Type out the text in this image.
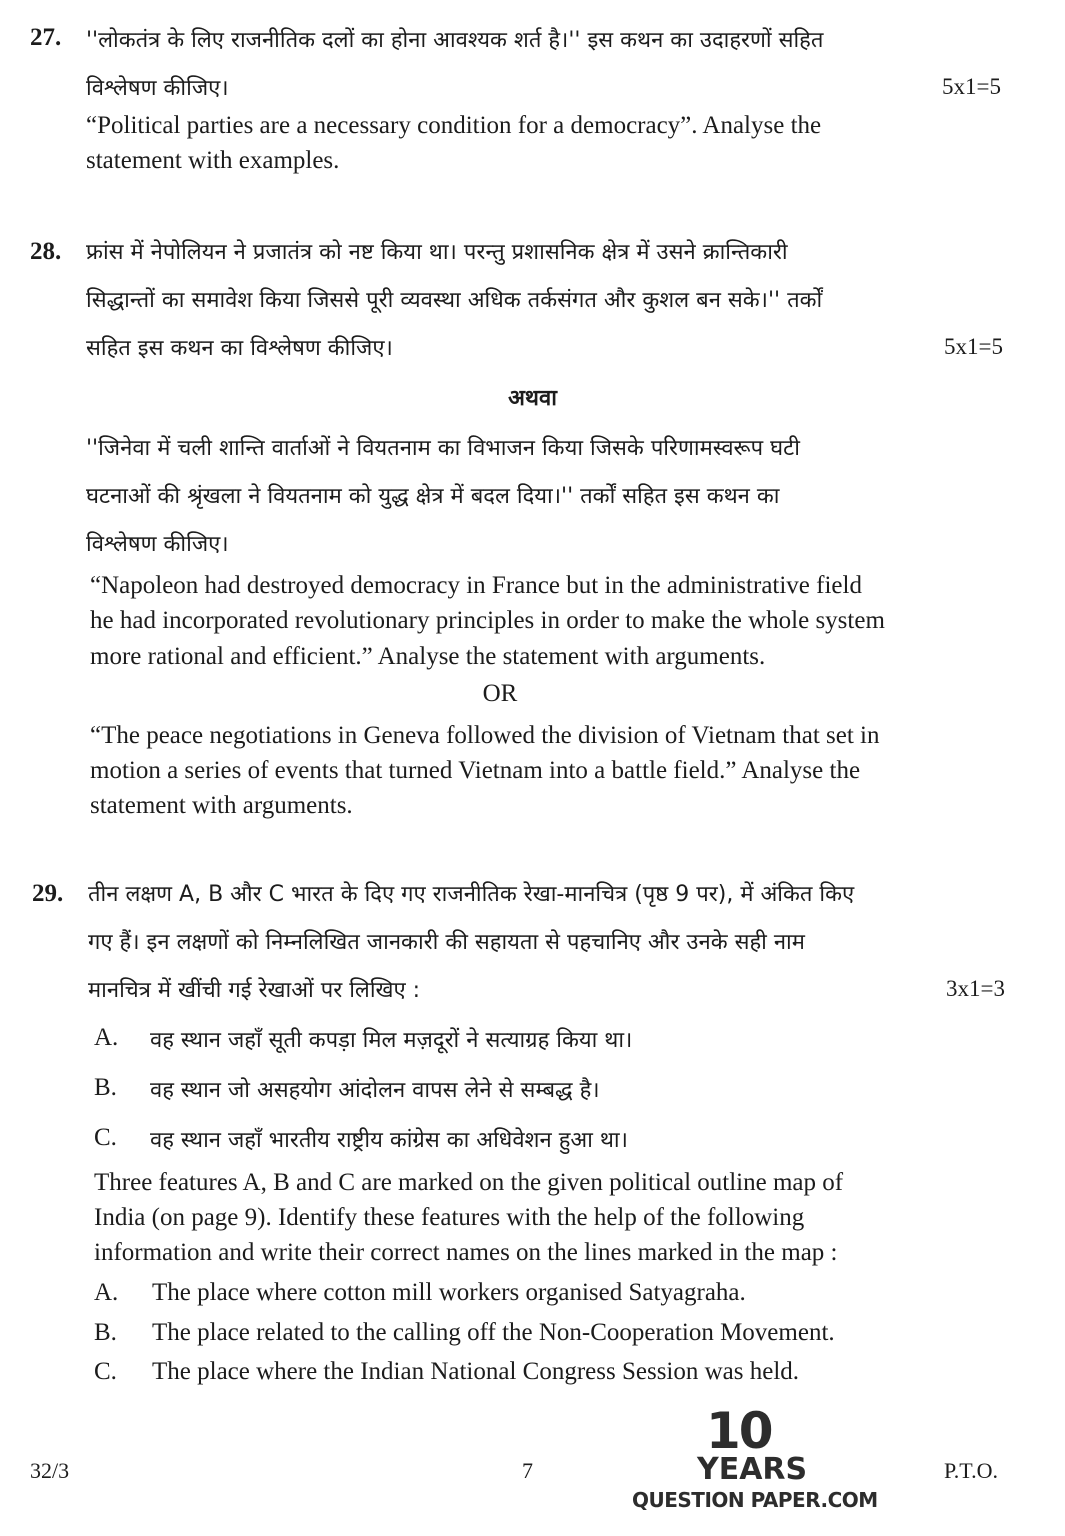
27. ''लोकतंत्र के लिए राजनीतिक दलों का होना आवश्यक शर्त है।'' इस कथन का उदाहरणों सहित
विश्लेषण कीजिए।	5x1=5
“Political parties are a necessary condition for a democracy”. Analyse the
statement with examples.
28. फ्रांस में नेपोलियन ने प्रजातंत्र को नष्ट किया था। परन्तु प्रशासनिक क्षेत्र में उसने क्रान्तिकारी
सिद्धान्तों का समावेश किया जिससे पूरी व्यवस्था अधिक तर्कसंगत और कुशल बन सके।'' तर्कों
सहित इस कथन का विश्लेषण कीजिए।	5x1=5
अथवा
''जिनेवा में चली शान्ति वार्ताओं ने वियतनाम का विभाजन किया जिसके परिणामस्वरूप घटी
घटनाओं की श्रृंखला ने वियतनाम को युद्ध क्षेत्र में बदल दिया।'' तर्कों सहित इस कथन का
विश्लेषण कीजिए।
“Napoleon had destroyed democracy in France but in the administrative field
he had incorporated revolutionary principles in order to make the whole system
more rational and efficient.” Analyse the statement with arguments.
OR
“The peace negotiations in Geneva followed the division of Vietnam that set in
motion a series of events that turned Vietnam into a battle field.” Analyse the
statement with arguments.
29. तीन लक्षण A, B और C भारत के दिए गए राजनीतिक रेखा-मानचित्र (पृष्ठ 9 पर), में अंकित किए
गए हैं। इन लक्षणों को निम्नलिखित जानकारी की सहायता से पहचानिए और उनके सही नाम
मानचित्र में खींची गई रेखाओं पर लिखिए :	3x1=3
A. वह स्थान जहाँ सूती कपड़ा मिल मज़दूरों ने सत्याग्रह किया था।
B. वह स्थान जो असहयोग आंदोलन वापस लेने से सम्बद्ध है।
C. वह स्थान जहाँ भारतीय राष्ट्रीय कांग्रेस का अधिवेशन हुआ था।
Three features A, B and C are marked on the given political outline map of
India (on page 9). Identify these features with the help of the following
information and write their correct names on the lines marked in the map :
A. The place where cotton mill workers organised Satyagraha.
B. The place related to the calling off the Non-Cooperation Movement.
C. The place where the Indian National Congress Session was held.
32/3	7	P.T.O.
10
YEARS
QUESTION PAPER.COM
